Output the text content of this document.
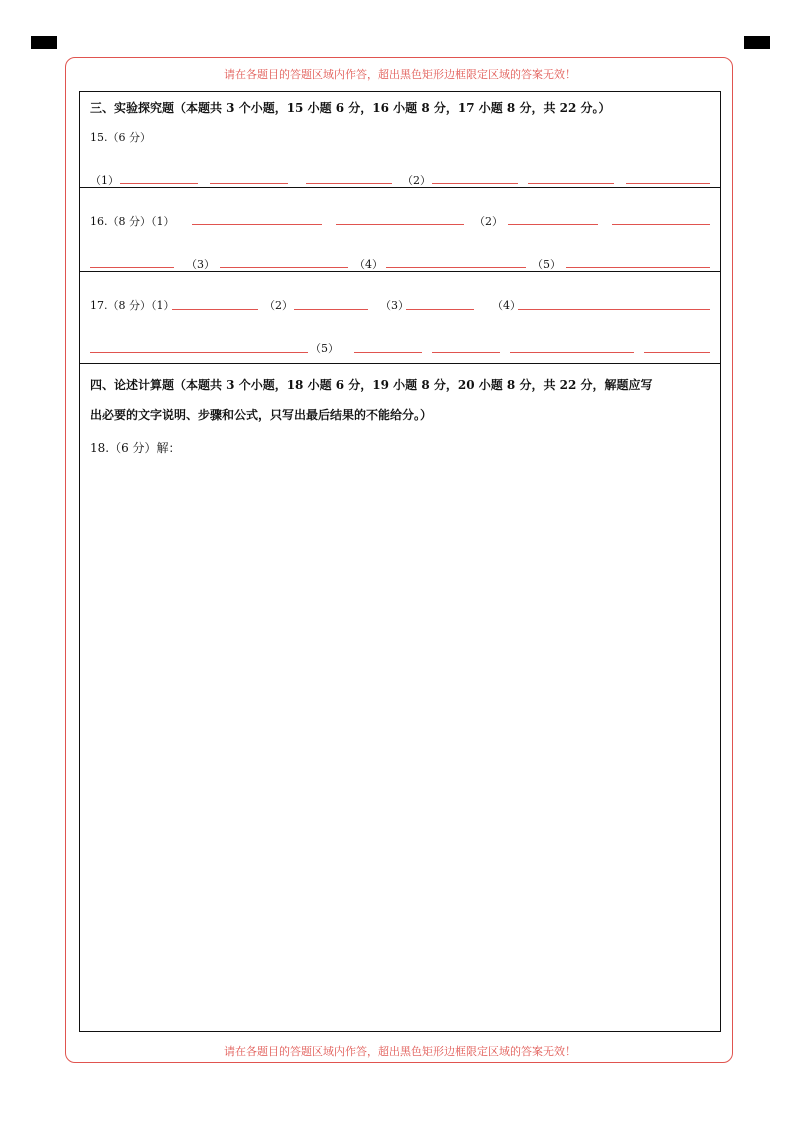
请在各题目的答题区域内作答，超出黑色矩形边框限定区域的答案无效！
请在各题目的答题区域内作答，超出黑色矩形边框限定区域的答案无效！
三、实验探究题（本题共 3 个小题，15 小题 6 分，16 小题 8 分，17 小题 8 分，共 22 分。）
15.（6 分）
（1）	（2）
16.（8 分）（1）	（2）
（3）	（4）	（5）
17.（8 分）（1）	（2）	（3）	（4）
（5）
四、论述计算题（本题共 3 个小题，18 小题 6 分，19 小题 8 分，20 小题 8 分，共 22 分，解题应写
出必要的文字说明、步骤和公式，只写出最后结果的不能给分。）
18.（6 分）解：
